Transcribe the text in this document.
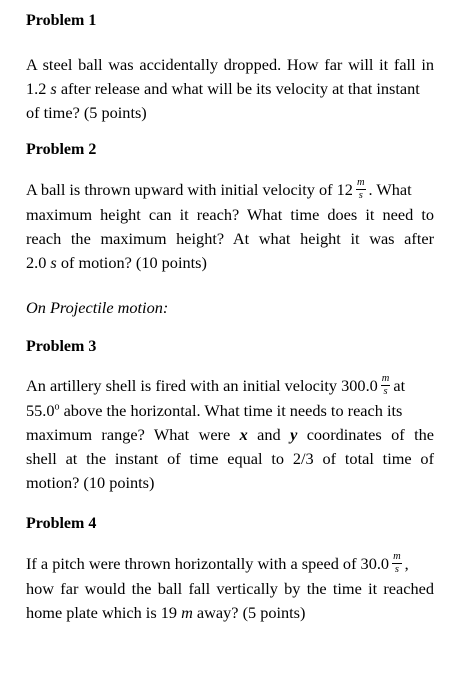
Problem 1
A steel ball was accidentally dropped. How far will it fall in
1.2 s after release and what will be its velocity at that instant
of time? (5 points)
Problem 2
A ball is thrown upward with initial velocity of $12 \frac{m}{s}$ . What
maximum height can it reach? What time does it need to
reach the maximum height? At what height it was after
2.0 s of motion? (10 points)
On Projectile motion:
Problem 3
An artillery shell is fired with an initial velocity $300.0 \frac{m}{s}$ at
55.0$^o$ above the horizontal. What time it needs to reach its
maximum range? What were x and y coordinates of the
shell at the instant of time equal to 2/3 of total time of
motion? (10 points)
Problem 4
If a pitch were thrown horizontally with a speed of $30.0 \frac{m}{s}$ ,
how far would the ball fall vertically by the time it reached
home plate which is 19 m away? (5 points)
